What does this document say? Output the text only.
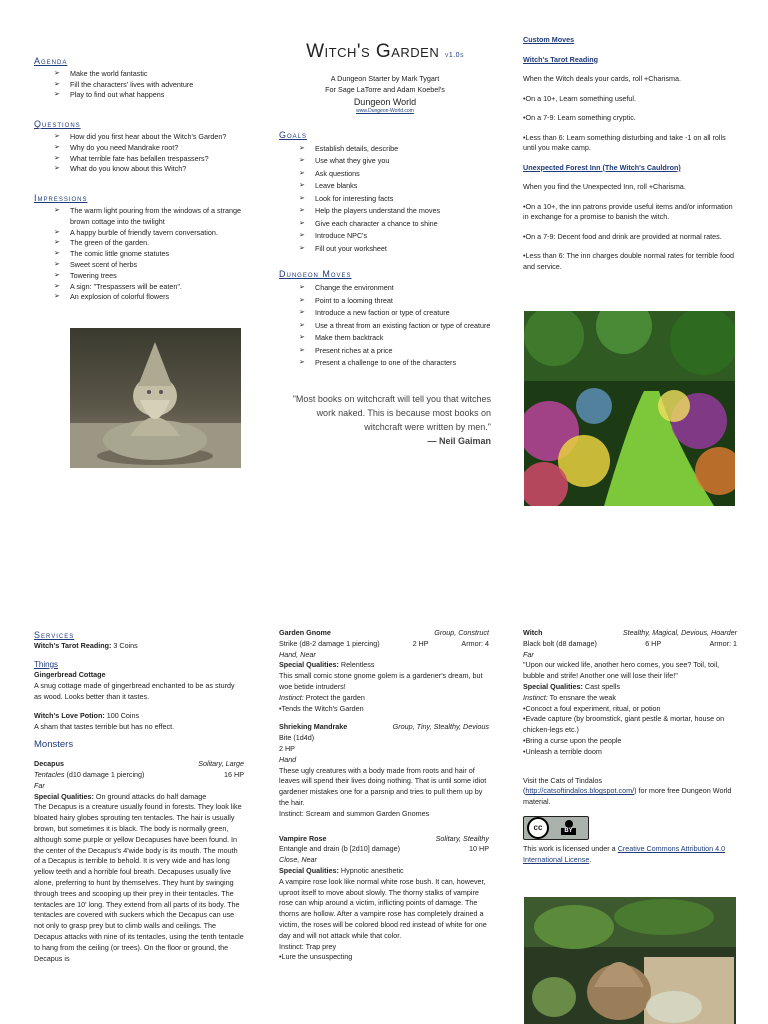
Agenda
➢ Make the world fantastic
➢ Fill the characters' lives with adventure
➢ Play to find out what happens
Questions
➢ How did you first hear about the Witch's Garden?
➢ Why do you need Mandrake root?
➢ What terrible fate has befallen trespassers?
➢ What do you know about this Witch?
Impressions
➢ The warm light pouring from the windows of a strange brown cottage into the twilight
➢ A happy burble of friendly tavern conversation.
➢ The green of the garden.
➢ The comic little gnome statutes
➢ Sweet scent of herbs
➢ Towering trees
➢ A sign: "Trespassers will be eaten".
➢ An explosion of colorful flowers
Witch's Garden v1.0s
A Dungeon Starter by Mark Tygart
For Sage LaTorre and Adam Koebel's
Dungeon World
www.Dungeon-World.com
Goals
➢ Establish details, describe
➢ Use what they give you
➢ Ask questions
➢ Leave blanks
➢ Look for interesting facts
➢ Help the players understand the moves
➢ Give each character a chance to shine
➢ Introduce NPC's
➢ Fill out your worksheet
Dungeon Moves
➢ Change the environment
➢ Point to a looming threat
➢ Introduce a new faction or type of creature
➢ Use a threat from an existing faction or type of creature
➢ Make them backtrack
➢ Present riches at a price
➢ Present a challenge to one of the characters
"Most books on witchcraft will tell you that witches work naked. This is because most books on witchcraft were written by men."
— Neil Gaiman
Custom Moves
Witch's Tarot Reading

When the Witch deals your cards, roll +Charisma.

•On a 10+, Learn something useful.

•On a 7-9: Learn something cryptic.

•Less than 6: Learn something disturbing and take -1 on all rolls until you make camp.

Unexpected Forest Inn (The Witch's Cauldron)

When you find the Unexpected Inn, roll +Charisma.

•On a 10+, the inn patrons provide useful items and/or information in exchange for a promise to banish the witch.

•On a 7-9: Decent food and drink are provided at normal rates.

•Less than 6: The inn charges double normal rates for terrible food and service.

Services

Witch's Tarot Reading: 3 Coins

Things

Gingerbread Cottage

A snug cottage made of gingerbread enchanted to be as sturdy as wood. Looks better than it tastes.

Witch's Love Potion: 100 Coins

A sham that tastes terrible but has no effect.

Monsters
Decapus	Solitary, Large
Tentacles (d10 damage 1 piercing)	16 HP

Far

Special Qualities: On ground attacks do half damage

The Decapus is a creature usually found in forests. They look like bloated hairy globes sprouting ten tentacles. The hair is usually brown, but sometimes it is black. The body is normally green, although some purple or yellow Decapuses have been found. In the center of the Decapus's 4'wide body is its mouth. The mouth of a Decapus is terrible to behold. It is very wide and has long yellow teeth and a horrible foul breath. Decapuses usually live alone, preferring to hunt by themselves. They hunt by swinging through trees and scooping up their prey in their tentacles. The tentacles are 10' long. They extend from all parts of its body. The tentacles are covered with suckers which the Decapus can use not only to grasp prey but to climb walls and ceilings. The Decapus attacks with nine of its tentacles, using the tenth tentacle to hang from the ceiling (or trees). On the floor or ground, the Decapus is

Garden Gnome	Group, Construct
Strike (d8-2 damage 1 piercing)	2 HP	Armor: 4

Hand, Near

Special Qualities: Relentless

This small comic stone gnome golem is a gardener's dream, but woe betide intruders!

Instinct: Protect the garden

•Tends the Witch's Garden

Shrieking Mandrake	Group, Tiny, Stealthy, Devious

Bite (1d4d)

2 HP

Hand

These ugly creatures with a body made from roots and hair of leaves will spend their lives doing nothing. That is until some idiot gardener mistakes one for a parsnip and tries to pull them up by the hair.

Instinct: Scream and summon Garden Gnomes

Vampire Rose	Solitary, Stealthy
Entangle and drain (b [2d10] damage)	10 HP

Close, Near

Special Qualities: Hypnotic anesthetic

A vampire rose look like normal white rose bush. It can, however, uproot itself to move about slowly. The thorny stalks of vampire rose can whip around a victim, inflicting points of damage. The thorns are hollow. After a vampire rose has completely drained a victim, the roses will be colored blood red instead of white for one day and will not attack while that color.

Instinct: Trap prey

•Lure the unsuspecting

Witch	Stealthy, Magical, Devious, Hoarder
Black bolt (d8 damage)	6 HP	Armor: 1

Far

"Upon our wicked life, another hero comes, you see? Toil, toil, bubble and strife! Another one will lose their life!"

Special Qualities: Cast spells

Instinct: To ensnare the weak

•Concoct a foul experiment, ritual, or potion

•Evade capture (by broomstick, giant pestle & mortar, house on chicken-legs etc.)

•Bring a curse upon the people

•Unleash a terrible doom

Visit the Cats of Tindalos

(http://catsoftindalos.blogspot.com/) for more free Dungeon World material.

cc	BY

This work is licensed under a Creative Commons Attribution 4.0 International License.
